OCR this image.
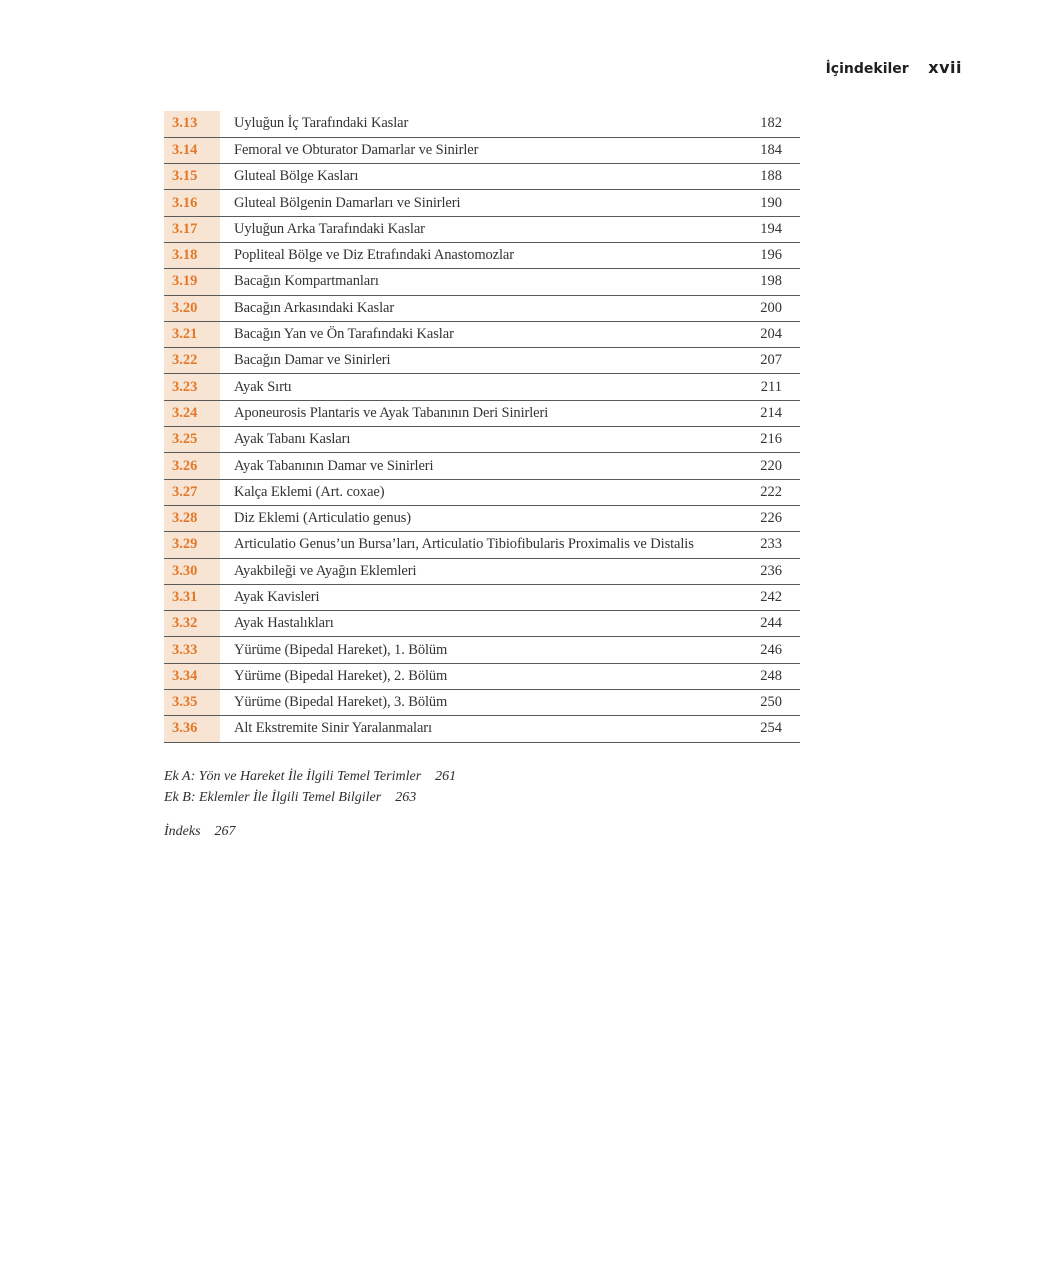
İçindekiler xvii
3.13	Uyluğun İç Tarafındaki Kaslar	182
3.14	Femoral ve Obturator Damarlar ve Sinirler	184
3.15	Gluteal Bölge Kasları	188
3.16	Gluteal Bölgenin Damarları ve Sinirleri	190
3.17	Uyluğun Arka Tarafındaki Kaslar	194
3.18	Popliteal Bölge ve Diz Etrafındaki Anastomozlar	196
3.19	Bacağın Kompartmanları	198
3.20	Bacağın Arkasındaki Kaslar	200
3.21	Bacağın Yan ve Ön Tarafındaki Kaslar	204
3.22	Bacağın Damar ve Sinirleri	207
3.23	Ayak Sırtı	211
3.24	Aponeurosis Plantaris ve Ayak Tabanının Deri Sinirleri	214
3.25	Ayak Tabanı Kasları	216
3.26	Ayak Tabanının Damar ve Sinirleri	220
3.27	Kalça Eklemi (Art. coxae)	222
3.28	Diz Eklemi (Articulatio genus)	226
3.29	Articulatio Genus’un Bursa’ları, Articulatio Tibiofibularis Proximalis ve Distalis	233
3.30	Ayakbileği ve Ayağın Eklemleri	236
3.31	Ayak Kavisleri	242
3.32	Ayak Hastalıkları	244
3.33	Yürüme (Bipedal Hareket), 1. Bölüm	246
3.34	Yürüme (Bipedal Hareket), 2. Bölüm	248
3.35	Yürüme (Bipedal Hareket), 3. Bölüm	250
3.36	Alt Ekstremite Sinir Yaralanmaları	254
Ek A: Yön ve Hareket İle İlgili Temel Terimler 261
Ek B: Eklemler İle İlgili Temel Bilgiler 263
İndeks 267
